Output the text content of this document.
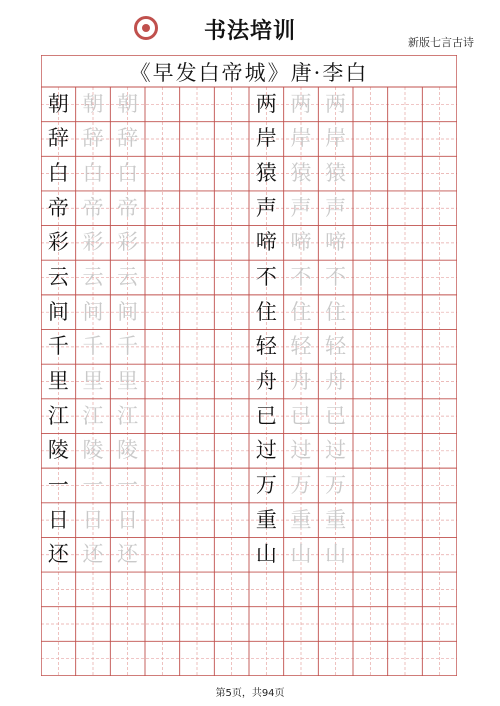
书法培训	新版七言古诗
《早发白帝城》唐·李白
朝 朝 朝
辞 辞 辞
白 白 白
帝 帝 帝
彩 彩 彩
云 云 云
间 间 间
千 千 千
里 里 里
江 江 江
陵 陵 陵
一 一 一
日 日 日
还 还 还
两 两 两
岸 岸 岸
猿 猿 猿
声 声 声
啼 啼 啼
不 不 不
住 住 住
轻 轻 轻
舟 舟 舟
已 已 已
过 过 过
万 万 万
重 重 重
山 山 山
第5页，共94页
